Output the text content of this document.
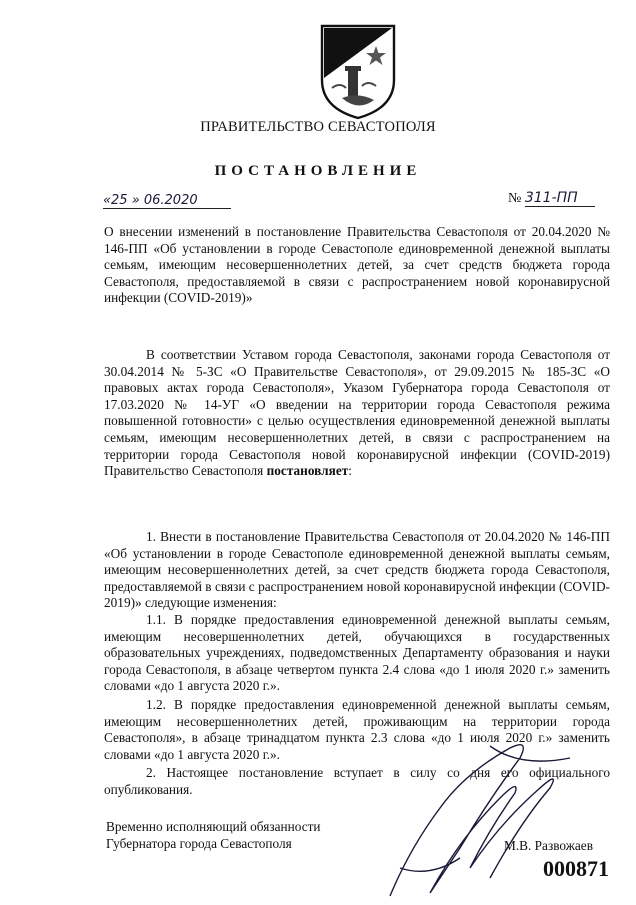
ПРАВИТЕЛЬСТВО СЕВАСТОПОЛЯ
ПОСТАНОВЛЕНИЕ
«25 » 06.2020	№ 311-ПП
О внесении изменений в постановление Правительства Севастополя от 20.04.2020 № 146-ПП «Об установлении в городе Севастополе единовременной денежной выплаты семьям, имеющим несовершеннолетних детей, за счет средств бюджета города Севастополя, предоставляемой в связи с распространением новой коронавирусной инфекции (COVID-2019)»
В соответствии Уставом города Севастополя, законами города Севастополя от 30.04.2014 № 5-ЗС «О Правительстве Севастополя», от 29.09.2015 № 185-ЗС «О правовых актах города Севастополя», Указом Губернатора города Севастополя от 17.03.2020 № 14-УГ «О введении на территории города Севастополя режима повышенной готовности» с целью осуществления единовременной денежной выплаты семьям, имеющим несовершеннолетних детей, в связи с распространением на территории города Севастополя новой коронавирусной инфекции (COVID-2019) Правительство Севастополя постановляет:
1. Внести в постановление Правительства Севастополя от 20.04.2020 № 146-ПП «Об установлении в городе Севастополе единовременной денежной выплаты семьям, имеющим несовершеннолетних детей, за счет средств бюджета города Севастополя, предоставляемой в связи с распространением новой коронавирусной инфекции (COVID-2019)» следующие изменения:
1.1. В порядке предоставления единовременной денежной выплаты семьям, имеющим несовершеннолетних детей, обучающихся в государственных образовательных учреждениях, подведомственных Департаменту образования и науки города Севастополя, в абзаце четвертом пункта 2.4 слова «до 1 июля 2020 г.» заменить словами «до 1 августа 2020 г.».
1.2. В порядке предоставления единовременной денежной выплаты семьям, имеющим несовершеннолетних детей, проживающим на территории города Севастополя», в абзаце тринадцатом пункта 2.3 слова «до 1 июля 2020 г.» заменить словами «до 1 августа 2020 г.».
2. Настоящее постановление вступает в силу со дня его официального опубликования.
Временно исполняющий обязанности
Губернатора города Севастополя	М.В. Развожаев
000871
